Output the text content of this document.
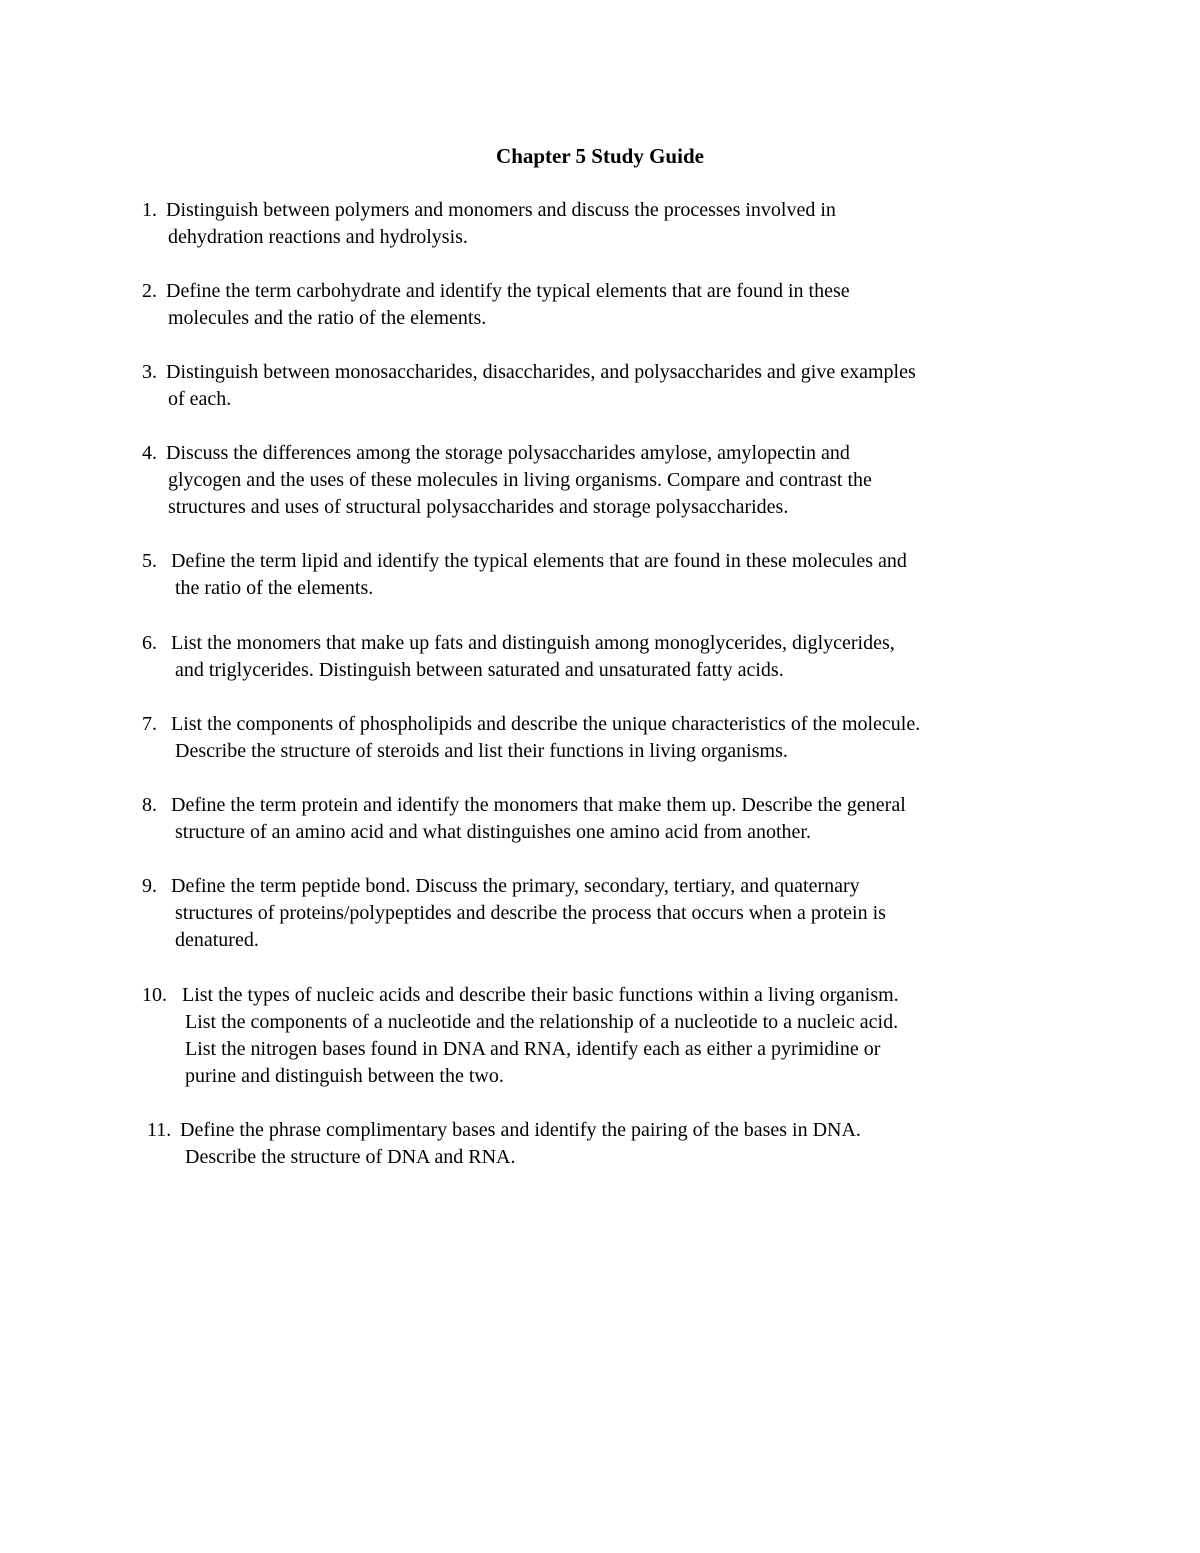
Chapter 5 Study Guide
1. Distinguish between polymers and monomers and discuss the processes involved in
dehydration reactions and hydrolysis.
2. Define the term carbohydrate and identify the typical elements that are found in these
molecules and the ratio of the elements.
3. Distinguish between monosaccharides, disaccharides, and polysaccharides and give examples
of each.
4. Discuss the differences among the storage polysaccharides amylose, amylopectin and
glycogen and the uses of these molecules in living organisms. Compare and contrast the
structures and uses of structural polysaccharides and storage polysaccharides.
5. Define the term lipid and identify the typical elements that are found in these molecules and
the ratio of the elements.
6. List the monomers that make up fats and distinguish among monoglycerides, diglycerides,
and triglycerides. Distinguish between saturated and unsaturated fatty acids.
7. List the components of phospholipids and describe the unique characteristics of the molecule.
Describe the structure of steroids and list their functions in living organisms.
8. Define the term protein and identify the monomers that make them up. Describe the general
structure of an amino acid and what distinguishes one amino acid from another.
9. Define the term peptide bond. Discuss the primary, secondary, tertiary, and quaternary
structures of proteins/polypeptides and describe the process that occurs when a protein is
denatured.
10. List the types of nucleic acids and describe their basic functions within a living organism.
List the components of a nucleotide and the relationship of a nucleotide to a nucleic acid.
List the nitrogen bases found in DNA and RNA, identify each as either a pyrimidine or
purine and distinguish between the two.
11. Define the phrase complimentary bases and identify the pairing of the bases in DNA.
Describe the structure of DNA and RNA.
